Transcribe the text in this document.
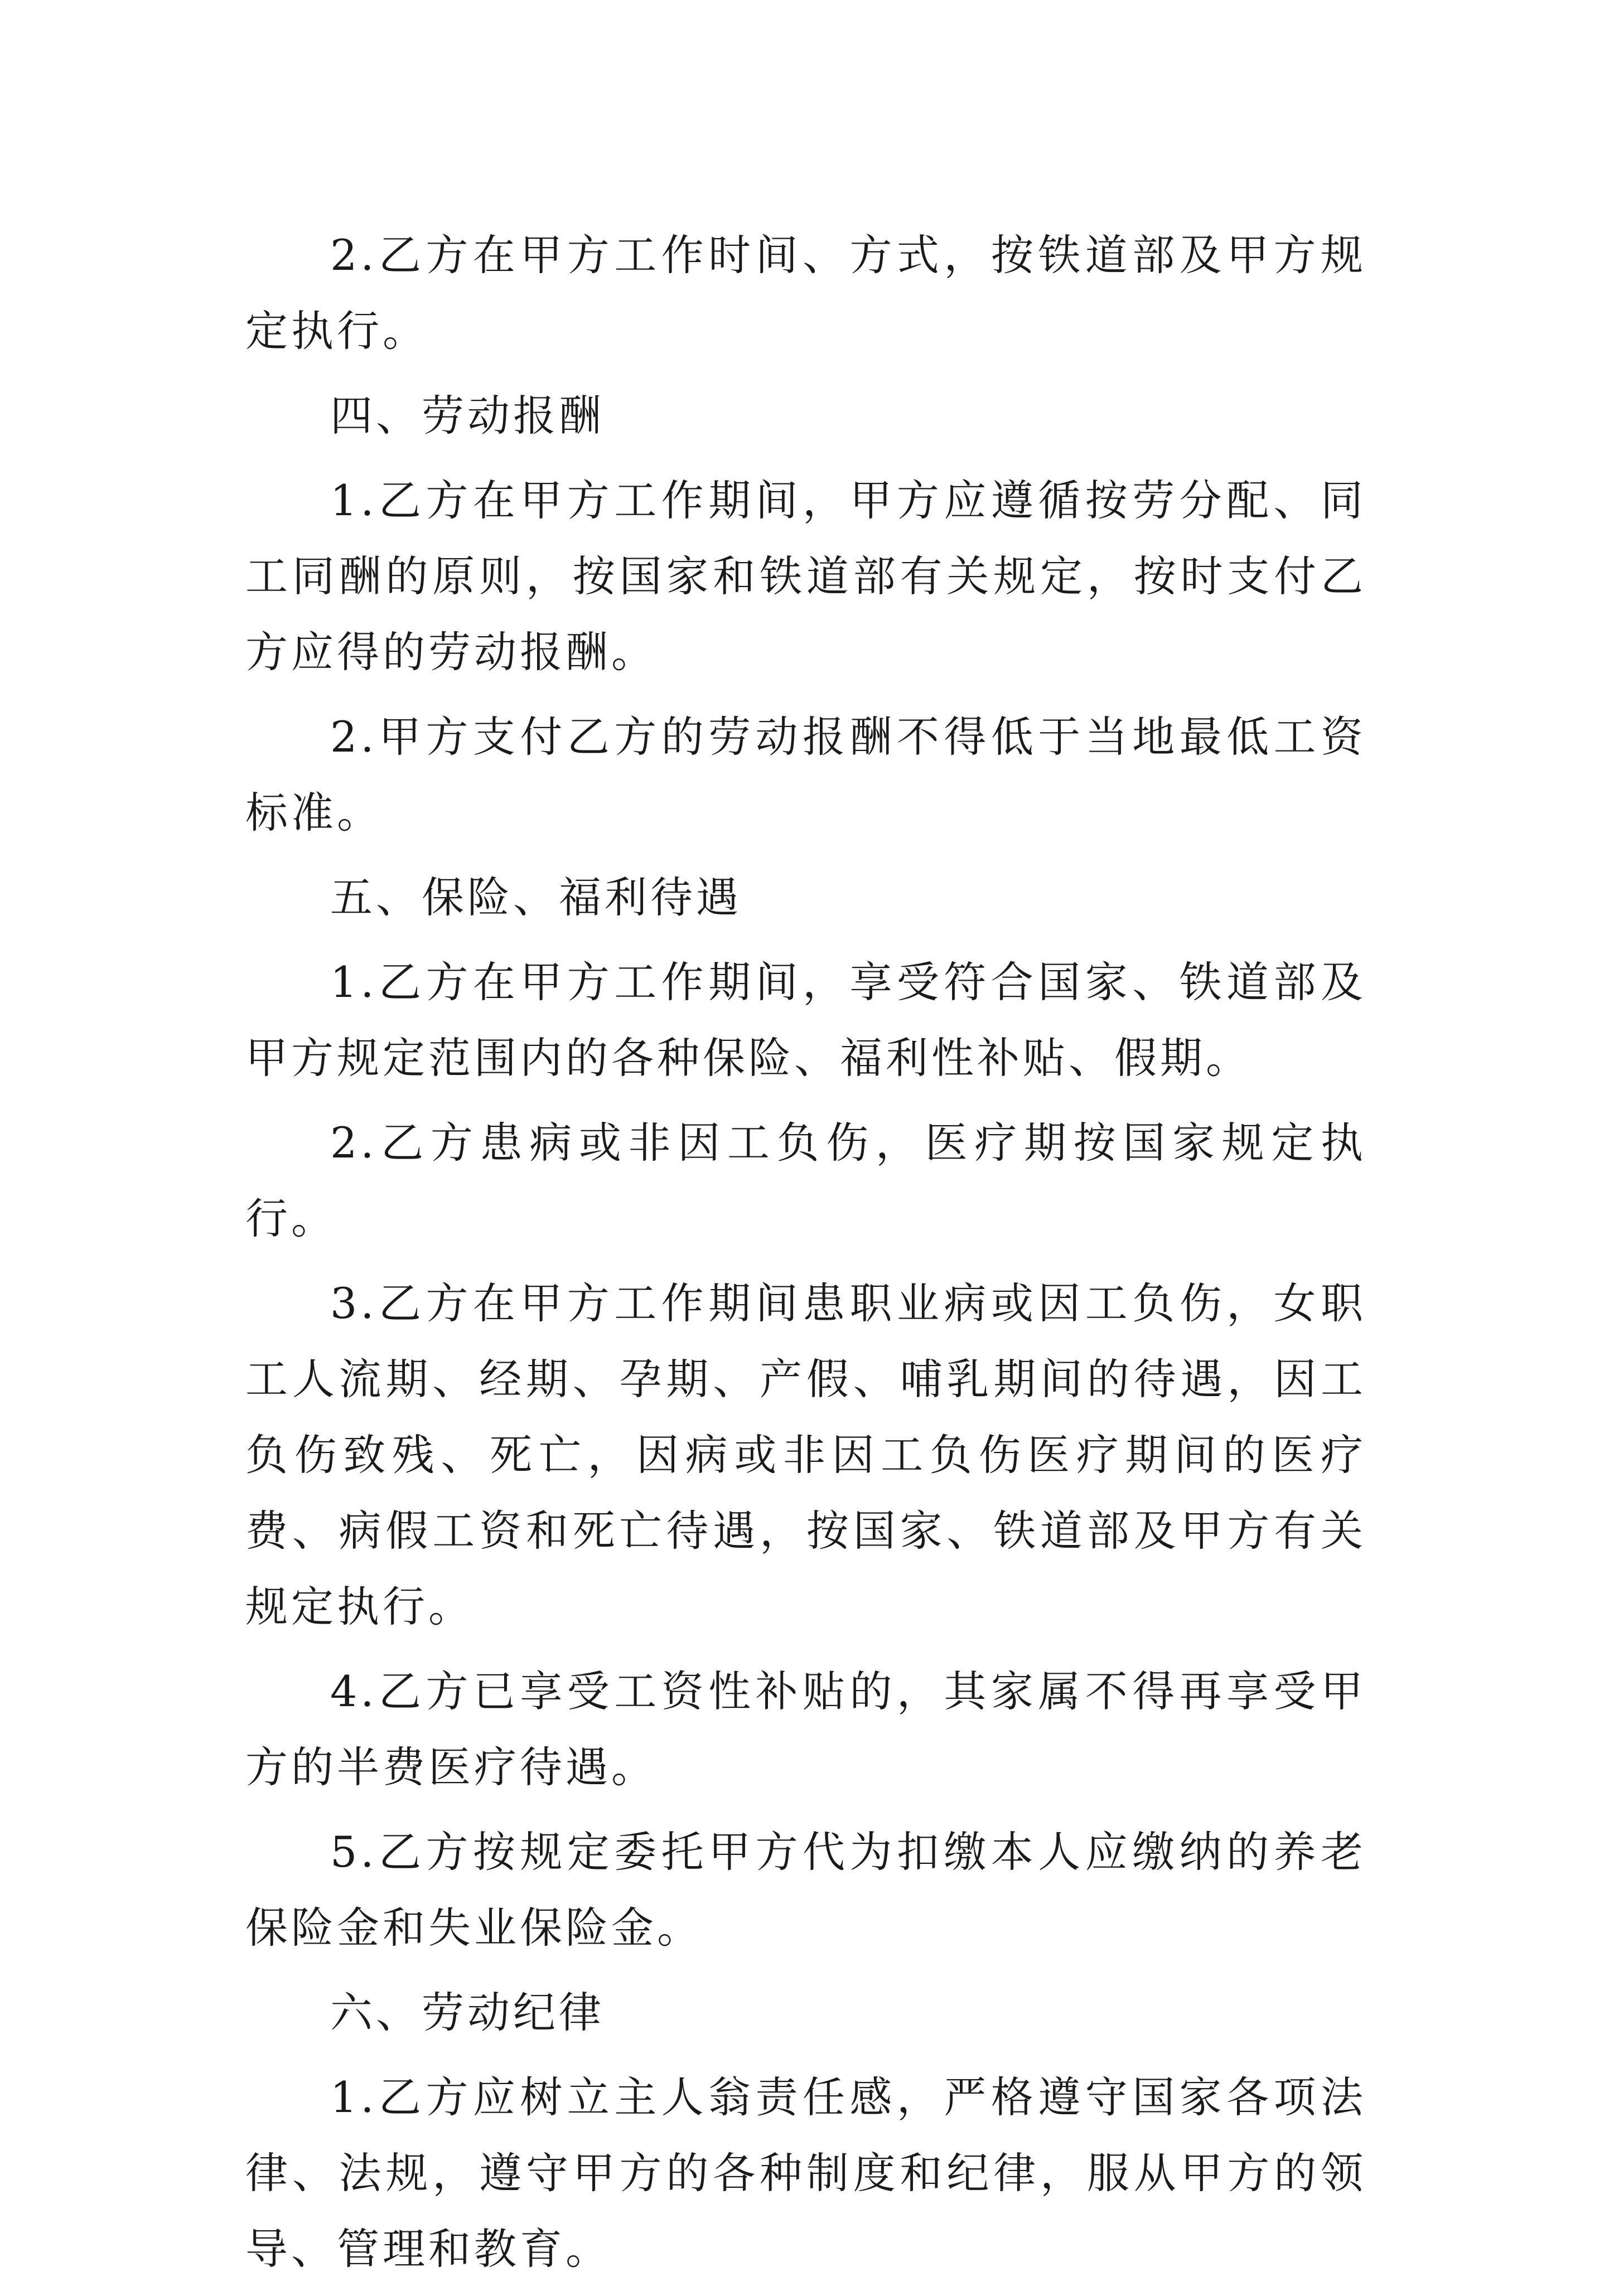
2.乙方在甲方工作时间、方式，按铁道部及甲方规定执行。

四、劳动报酬

1.乙方在甲方工作期间，甲方应遵循按劳分配、同工同酬的原则，按国家和铁道部有关规定，按时支付乙方应得的劳动报酬。

2.甲方支付乙方的劳动报酬不得低于当地最低工资标准。

五、保险、福利待遇

1.乙方在甲方工作期间，享受符合国家、铁道部及甲方规定范围内的各种保险、福利性补贴、假期。

2.乙方患病或非因工负伤，医疗期按国家规定执行。

3.乙方在甲方工作期间患职业病或因工负伤，女职工人流期、经期、孕期、产假、哺乳期间的待遇，因工负伤致残、死亡，因病或非因工负伤医疗期间的医疗费、病假工资和死亡待遇，按国家、铁道部及甲方有关规定执行。

4.乙方已享受工资性补贴的，其家属不得再享受甲方的半费医疗待遇。

5.乙方按规定委托甲方代为扣缴本人应缴纳的养老保险金和失业保险金。

六、劳动纪律

1.乙方应树立主人翁责任感，严格遵守国家各项法律、法规，遵守甲方的各种制度和纪律，服从甲方的领导、管理和教育。
